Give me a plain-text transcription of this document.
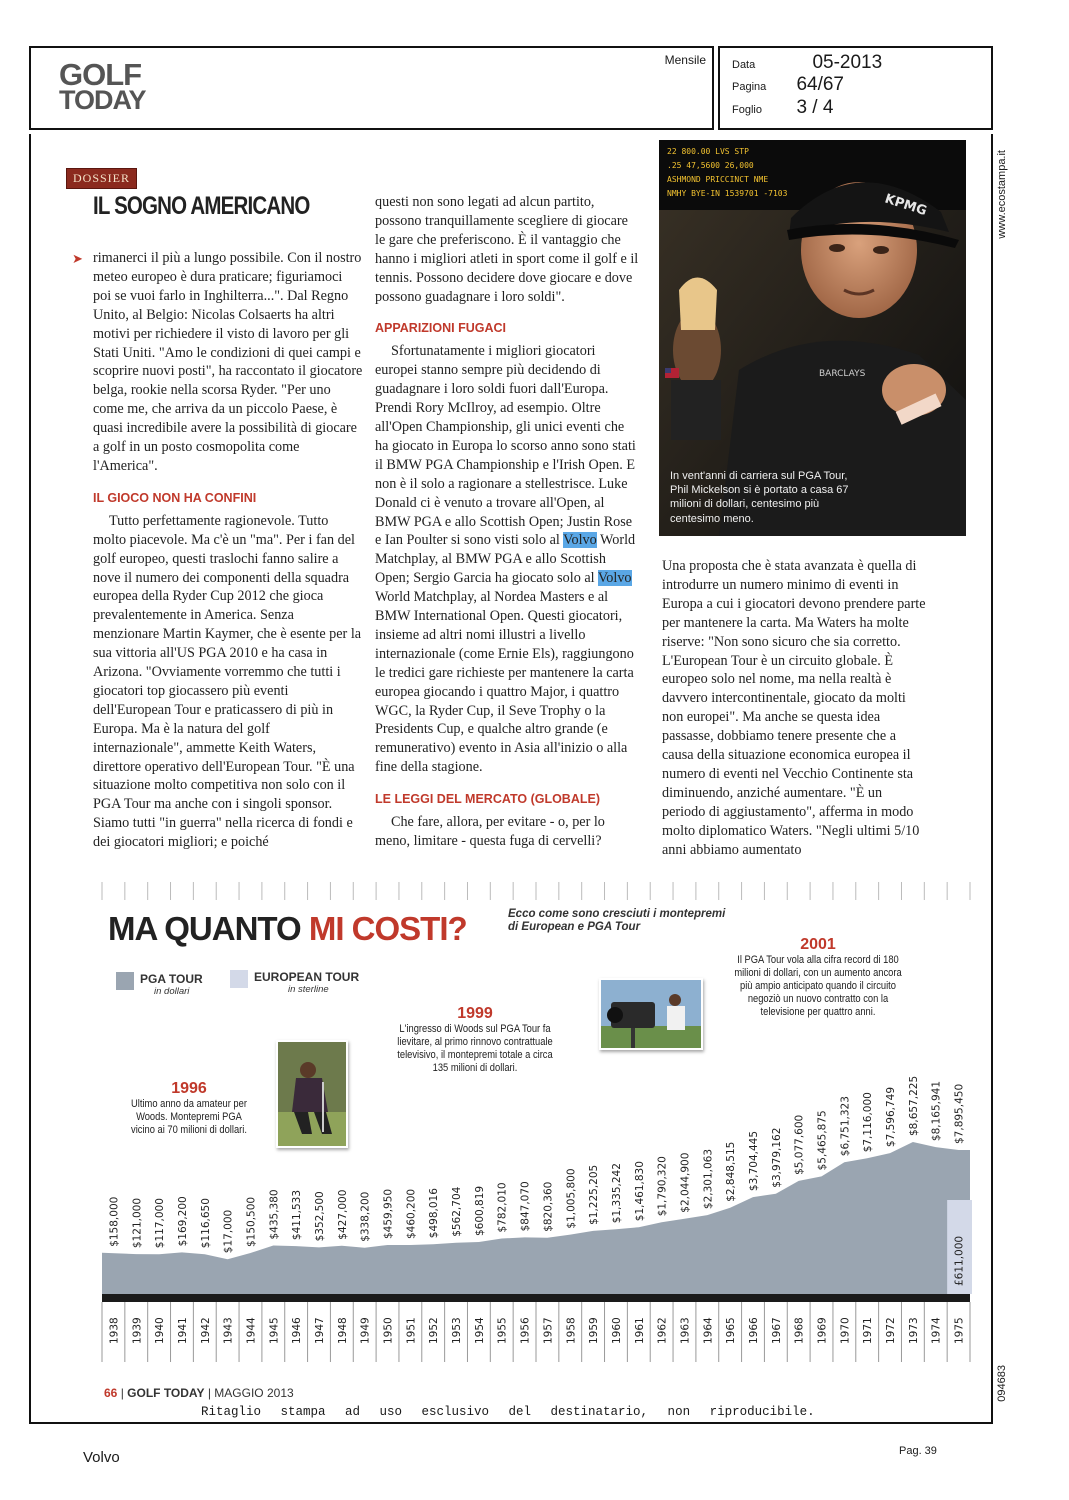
GOLF
TODAY
Mensile Data	05-2013
Pagina 64/67
Foglio 3 / 4
www.ecostampa.it
094683
DOSSIER
IL SOGNO AMERICANO
➤ rimanerci il più a lungo possibile. Con il nostro meteo europeo è dura praticare; figuriamoci poi se vuoi farlo in Inghilterra...". Dal Regno Unito, al Belgio: Nicolas Colsaerts ha altri motivi per richiedere il visto di lavoro per gli Stati Uniti. "Amo le condizioni di quei campi e scoprire nuovi posti", ha raccontato il giocatore belga, rookie nella scorsa Ryder. "Per uno come me, che arriva da un piccolo Paese, è quasi incredibile avere la possibilità di giocare a golf in un posto cosmopolita come l'America".

IL GIOCO NON HA CONFINI

Tutto perfettamente ragionevole. Tutto molto piacevole. Ma c'è un "ma". Per i fan del golf europeo, questi traslochi fanno salire a nove il numero dei componenti della squadra europea della Ryder Cup 2012 che gioca prevalentemente in America. Senza menzionare Martin Kaymer, che è esente per la sua vittoria all'US PGA 2010 e ha casa in Arizona. "Ovviamente vorremmo che tutti i giocatori top giocassero più eventi dell'European Tour e praticassero di più in Europa. Ma è la natura del golf internazionale", ammette Keith Waters, direttore operativo dell'European Tour. "È una situazione molto competitiva non solo con il PGA Tour ma anche con i singoli sponsor. Siamo tutti "in guerra" nella ricerca di fondi e dei giocatori migliori; e poiché

questi non sono legati ad alcun partito, possono tranquillamente scegliere di giocare le gare che preferiscono. È il vantaggio che hanno i migliori atleti in sport come il golf e il tennis. Possono decidere dove giocare e dove possono guadagnare i loro soldi".

APPARIZIONI FUGACI

Sfortunatamente i migliori giocatori europei stanno sempre più decidendo di guadagnare i loro soldi fuori dall'Europa. Prendi Rory McIlroy, ad esempio. Oltre all'Open Championship, gli unici eventi che ha giocato in Europa lo scorso anno sono stati il BMW PGA Championship e l'Irish Open. E non è il solo a ragionare a stellestrisce. Luke Donald ci è venuto a trovare all'Open, al BMW PGA e allo Scottish Open; Justin Rose e Ian Poulter si sono visti solo al Volvo World Matchplay, al BMW PGA e allo Scottish Open; Sergio Garcia ha giocato solo al Volvo World Matchplay, al Nordea Masters e al BMW International Open. Questi giocatori, insieme ad altri nomi illustri a livello internazionale (come Ernie Els), raggiungono le tredici gare richieste per mantenere la carta europea giocando i quattro Major, i quattro WGC, la Ryder Cup, il Seve Trophy o la Presidents Cup, e qualche altro grande (e remunerativo) evento in Asia all'inizio o alla fine della stagione.

LE LEGGI DEL MERCATO (GLOBALE)

Che fare, allora, per evitare - o, per lo meno, limitare - questa fuga di cervelli?

Una proposta che è stata avanzata è quella di introdurre un numero minimo di eventi in Europa a cui i giocatori devono prendere parte per mantenere la carta. Ma Waters ha molte riserve: "Non sono sicuro che sia corretto. L'European Tour è un circuito globale. È europeo solo nel nome, ma nella realtà è davvero intercontinentale, giocato da molti non europei". Ma anche se questa idea passasse, dobbiamo tenere presente che a causa della situazione economica europea il numero di eventi nel Vecchio Continente sta diminuendo, anziché aumentare. "È un periodo di aggiustamento", afferma in modo molto diplomatico Waters. "Negli ultimi 5/10 anni abbiamo aumentato

22 800.00 LVS STP
.25 47,5600 26,000
ASHMOND PRICCINCT NME
NMHY BYE-IN 1539701 -7103	KPMG
BARCLAYS
In vent'anni di carriera sul PGA Tour, Phil Mickelson si è portato a casa 67 milioni di dollari, centesimo più centesimo meno.
£611,000
$158,000
1938
$121,000
1939
$117,000
1940
$169,200
1941
$116,650
1942
$17,000
1943
$150,500
1944
$435,380
1945
$411,533
1946
$352,500
1947
$427,000
1948
$338,200
1949
$459,950
1950
$460,200
1951
$498,016
1952
$562,704
1953
$600,819
1954
$782,010
1955
$847,070
1956
$820,360
1957
$1,005,800
1958
$1,225,205
1959
$1,335,242
1960
$1,461,830
1961
$1,790,320
1962
$2,044,900
1963
$2,301,063
1964
$2,848,515
1965
$3,704,445
1966
$3,979,162
1967
$5,077,600
1968
$5,465,875
1969
$6,751,323
1970
$7,116,000
1971
$7,596,749
1972
$8,657,225
1973
$8,165,941
1974
$7,895,450
1975
MA QUANTO MI COSTI?	Ecco come sono cresciuti i montepremi di European e PGA Tour
PGA TOUR
in dollari
EUROPEAN TOUR
in sterline
1996
Ultimo anno da amateur per Woods. Montepremi PGA vicino ai 70 milioni di dollari.
1999
L'ingresso di Woods sul PGA Tour fa lievitare, al primo rinnovo contrattuale televisivo, il montepremi totale a circa 135 milioni di dollari.
2001
Il PGA Tour vola alla cifra record di 180 milioni di dollari, con un aumento ancora più ampio anticipato quando il circuito negoziò un nuovo contratto con la televisione per quattro anni.
66 | GOLF TODAY | MAGGIO 2013
Ritaglio stampa ad uso esclusivo del destinatario, non riproducibile.
Volvo	Pag. 39
